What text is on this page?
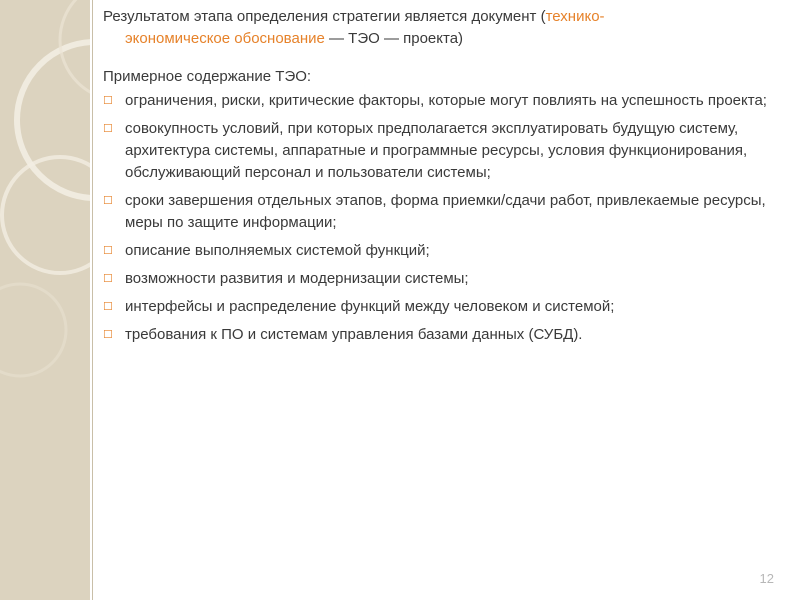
Результатом этапа определения стратегии является документ (технико-
экономическое обоснование — ТЭО — проекта)

Примерное содержание ТЭО:

☐ ограничения, риски, критические факторы, которые могут повлиять на успешность проекта;
☐ совокупность условий, при которых предполагается эксплуатировать будущую систему, архитектура системы, аппаратные и программные ресурсы, условия функционирования, обслуживающий персонал и пользователи системы;
☐ сроки завершения отдельных этапов, форма приемки/сдачи работ, привлекаемые ресурсы, меры по защите информации;
☐ описание выполняемых системой функций;
☐ возможности развития и модернизации системы;
☐ интерфейсы и распределение функций между человеком и системой;
☐ требования к ПО и системам управления базами данных (СУБД).
12
